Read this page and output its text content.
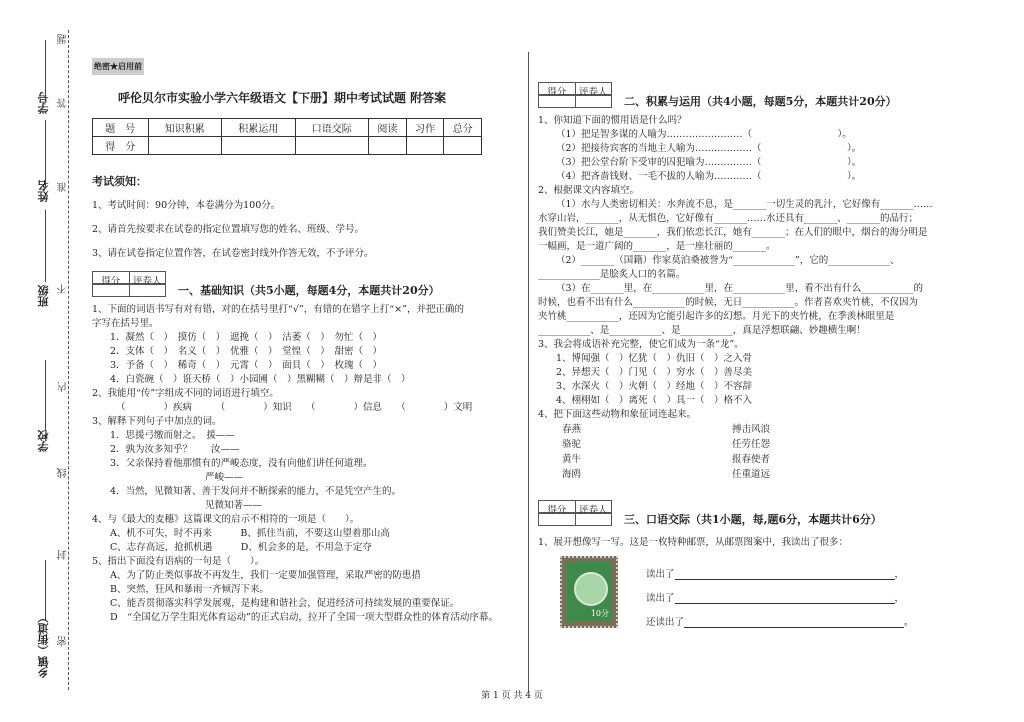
学号
姓名
班级
学校
乡镇（街道）
题
答
准
不
内
线
封
密
绝密★启用前
呼伦贝尔市实验小学六年级语文【下册】期中考试试题 附答案
题　号	知识积累	积累运用	口语交际	阅读	习作	总分
得　分						
考试须知：
1、考试时间：90分钟，本卷满分为100分。
2、请首先按要求在试卷的指定位置填写您的姓名、班级、学号。
3、请在试卷指定位置作答，在试卷密封线外作答无效，不予评分。
得分	评卷人
一、基础知识（共5小题，每题4分，本题共计20分）
1、下面的词语书写有对有错，对的在括号里打“√”，有错的在错字上打“×”，并把正确的
字写在括号里。
1．凝然（　）　摸仿（　）　遮挽（　）　沽萎（　）　勿忙（　）
2．支体（　）　名义（　）　优雅（　）　堂惶（　）　甜密（　）
3．予备（　）　稀奇（　）　元霄（　）　面貝（　）　枚瑰（　）
4．白瓷碗（　）诳天桥（　）小园圃（　）黑糊糊（　）辩是非（　）
2、我能用“传”字组成不同的词语进行填空。
（　　　　）疾病　　　（　　　　）知识　　（　　　　）信息　　（　　　　）文明
3、解释下列句子中加点的词。
1．思援弓缴而射之。　援——
2．孰为汝多知乎？　　汝——
3．父亲保持着他那惯有的严峻态度，没有向他们讲任何道理。
　　　　　　　　　　严峻——
4．当然，见微知著、善于发问并不断探索的能力，不是凭空产生的。
　　　　　　　　　　见微知著——
4、与《最大的麦穗》这篇课文的启示不相符的一项是（　　）。
A、机不可失，时不再来　　　B、抓住当前，不要这山望着那山高
C、志存高远，抢抓机遇　　　D、机会多的是，不用急于定夺
5、指出下面没有语病的一句是（　　）。
A、为了防止类似事故不再发生，我们一定要加强管理，采取严密的防患措
B、突然，狂风和暴雨一齐倾泻下来。
C、能否贯彻落实科学发展观，是构建和谐社会，促进经济可持续发展的重要保证。
D　“全国亿万学生阳光体育运动”的正式启动，拉开了全国一项大型群众性的体育活动序幕。
得分	评卷人
二、积累与运用（共4小题，每题5分，本题共计20分）
1、你知道下面的惯用语是什么吗？
（1）把足智多谋的人喻为……………………（　　　　　　　　　）。
（2）把接待宾客的当地主人喻为………………（　　　　　　　　　）。
（3）把公堂台阶下受审的囚犯喻为……………（　　　　　　　　　）。
（4）把吝啬钱财、一毛不拔的人喻为…………（　　　　　　　　　）。
2、根据课文内容填空。
（1）水与人类密切相关：水奔流不息，是_______一切生灵的乳汁，它好像有_______……
水穿山岩，_______，从无惧色，它好像有_______……水还具有_______、_______的品行；
我们赞美长江，她是_______，我们依恋长江，她有_______；在人们的眼中，烟台的海分明是
一幅画，是一道广阔的_______，是一座壮丽的_______。
（2）_______（国籍）作家莫泊桑被誉为“_____________”，它的_____________、
_____________是脍炙人口的名篇。
（3）在_______里，在___________里，在___________里，看不出有什么___________的
时候，也看不出有什么___________的时候，无日___________。作者喜欢夹竹桃，不仅因为
夹竹桃___________，还因为它能引起许多的幻想。月光下的夹竹桃，在季羡林眼里是
___________、是___________、是___________，真是浮想联翩、妙趣横生啊！
3、我会将成语补充完整，使它们成为一条“龙”。
1、博闻强（　）忆犹（　）仇旧（　）之入骨
2、异想天（　）门见（　）穷水（　）善尽美
3、水深火（　）火朝（　）经地（　）不容辞
4、栩栩如（　）离死（　）具一（　）格不入
4、把下面这些动物和象征词连起来。
春燕	搏击风浪
骆驼	任劳任怨
黄牛	报春使者
海鸥	任重道远
得分	评卷人
三、口语交际（共1小题，每,题6分，本题共计6分）
1、展开想像写一写。这是一枚特种邮票，从邮票图案中，我读出了很多：
10分
读出了	，
读出了	，
还读出了	。
第 1 页 共 4 页
